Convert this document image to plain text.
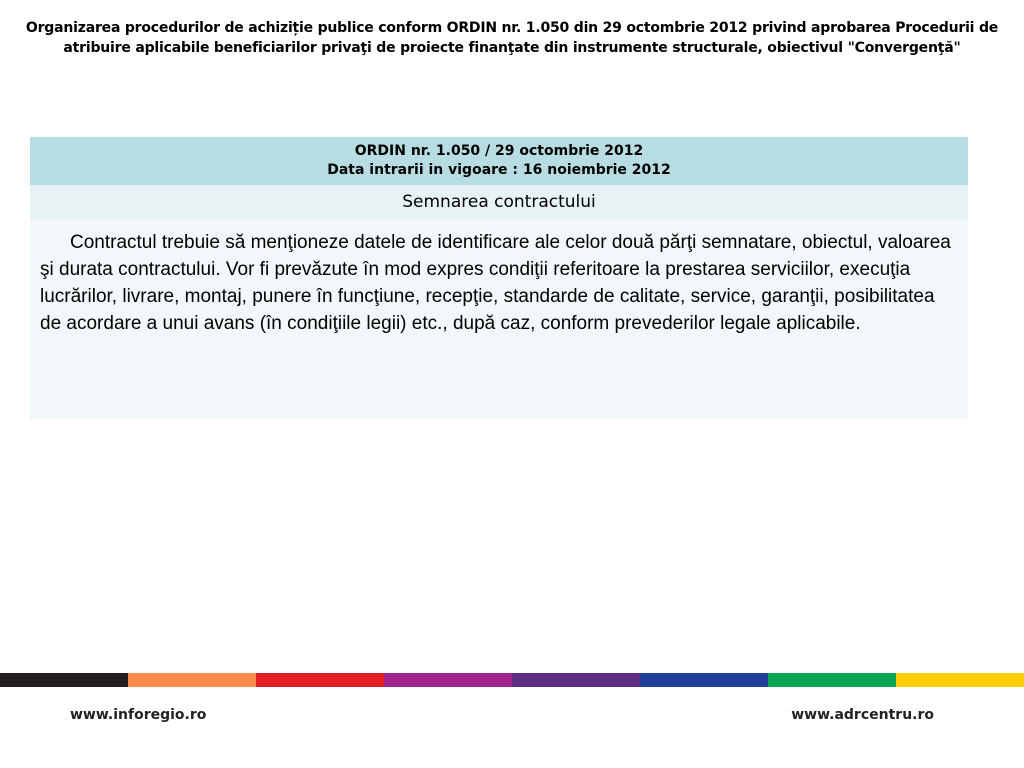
Organizarea procedurilor de achiziție publice conform ORDIN nr. 1.050 din 29 octombrie 2012 privind aprobarea Procedurii de
atribuire aplicabile beneficiarilor privaţi de proiecte finanţate din instrumente structurale, obiectivul "Convergenţă"
ORDIN nr. 1.050 / 29 octombrie 2012
Data intrarii in vigoare : 16 noiembrie 2012

Semnarea contractului

Contractul trebuie să menţioneze datele de identificare ale celor două părţi semnatare, obiectul, valoarea şi durata contractului. Vor fi prevăzute în mod expres condiţii referitoare la prestarea serviciilor, execuţia lucrărilor, livrare, montaj, punere în funcţiune, recepţie, standarde de calitate, service, garanţii, posibilitatea de acordare a unui avans (în condiţiile legii) etc., după caz, conform prevederilor legale aplicabile.

www.inforegio.ro	www.adrcentru.ro
